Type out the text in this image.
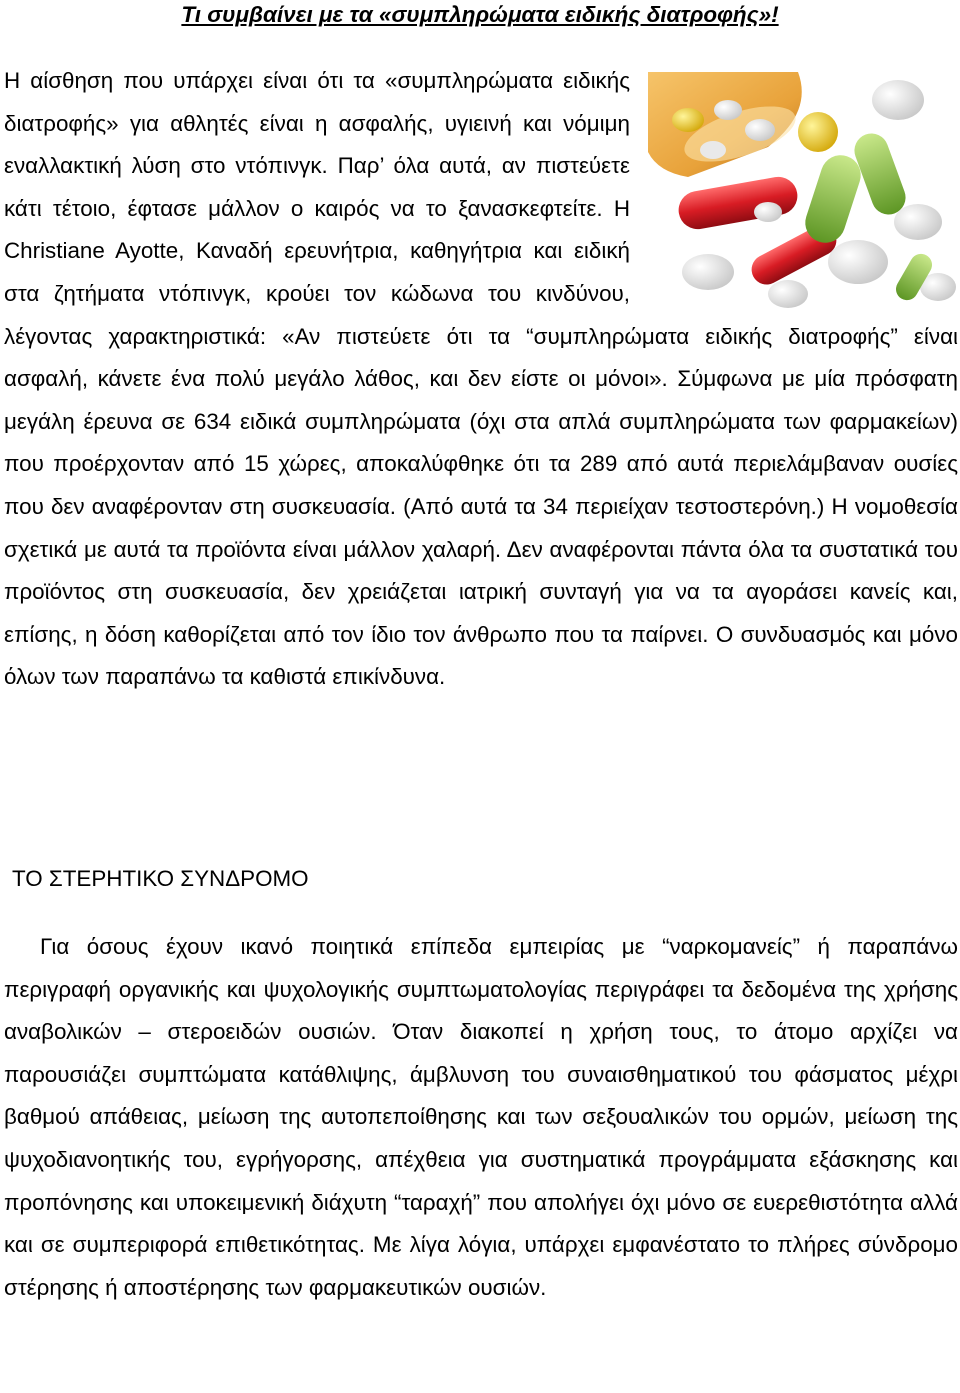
Τι συμβαίνει με τα «συμπληρώματα ειδικής διατροφής»!
Η αίσθηση που υπάρχει είναι ότι τα «συμπληρώματα ειδικής διατροφής» για αθλητές είναι η ασφαλής, υγιεινή και νόμιμη εναλλακτική λύση στο ντόπινγκ. Παρ’ όλα αυτά, αν πιστεύετε κάτι τέτοιο, έφτασε μάλλον ο καιρός να το ξανασκεφτείτε. Η Christiane Ayotte, Καναδή ερευνήτρια, καθηγήτρια και ειδική στα ζητήματα ντόπινγκ, κρούει τον κώδωνα του κινδύνου, λέγοντας χαρακτηριστικά: «Αν πιστεύετε ότι τα “συμπληρώματα ειδικής διατροφής” είναι ασφαλή, κάνετε ένα πολύ μεγάλο λάθος, και δεν είστε οι μόνοι». Σύμφωνα με μία πρόσφατη μεγάλη έρευνα σε 634 ειδικά συμπληρώματα (όχι στα απλά συμπληρώματα των φαρμακείων) που προέρχονταν από 15 χώρες, αποκαλύφθηκε ότι τα 289 από αυτά περιελάμβαναν ουσίες που δεν αναφέρονταν στη συσκευασία. (Από αυτά τα 34 περιείχαν τεστοστερόνη.) Η νομοθεσία σχετικά με αυτά τα προϊόντα είναι μάλλον χαλαρή. Δεν αναφέρονται πάντα όλα τα συστατικά του προϊόντος στη συσκευασία, δεν χρειάζεται ιατρική συνταγή για να τα αγοράσει κανείς και, επίσης, η δόση καθορίζεται από τον ίδιο τον άνθρωπο που τα παίρνει. Ο συνδυασμός και μόνο όλων των παραπάνω τα καθιστά επικίνδυνα.
ΤΟ ΣΤΕΡΗΤΙΚΟ ΣΥΝΔΡΟΜΟ
Για όσους έχουν ικανό ποιητικά επίπεδα εμπειρίας με “ναρκομανείς” ή παραπάνω περιγραφή οργανικής και ψυχολογικής συμπτωματολογίας περιγράφει τα δεδομένα της χρήσης αναβολικών – στεροειδών ουσιών. Όταν διακοπεί η χρήση τους, το άτομο αρχίζει να παρουσιάζει συμπτώματα κατάθλιψης, άμβλυνση του συναισθηματικού του φάσματος μέχρι βαθμού απάθειας, μείωση της αυτοπεποίθησης και των σεξουαλικών του ορμών, μείωση της ψυχοδιανοητικής του, εγρήγορσης, απέχθεια για συστηματικά προγράμματα εξάσκησης και προπόνησης και υποκειμενική διάχυτη “ταραχή” που απολήγει όχι μόνο σε ευερεθιστότητα αλλά και σε συμπεριφορά επιθετικότητας. Με λίγα λόγια, υπάρχει εμφανέστατο το πλήρες σύνδρομο στέρησης ή αποστέρησης των φαρμακευτικών ουσιών.
